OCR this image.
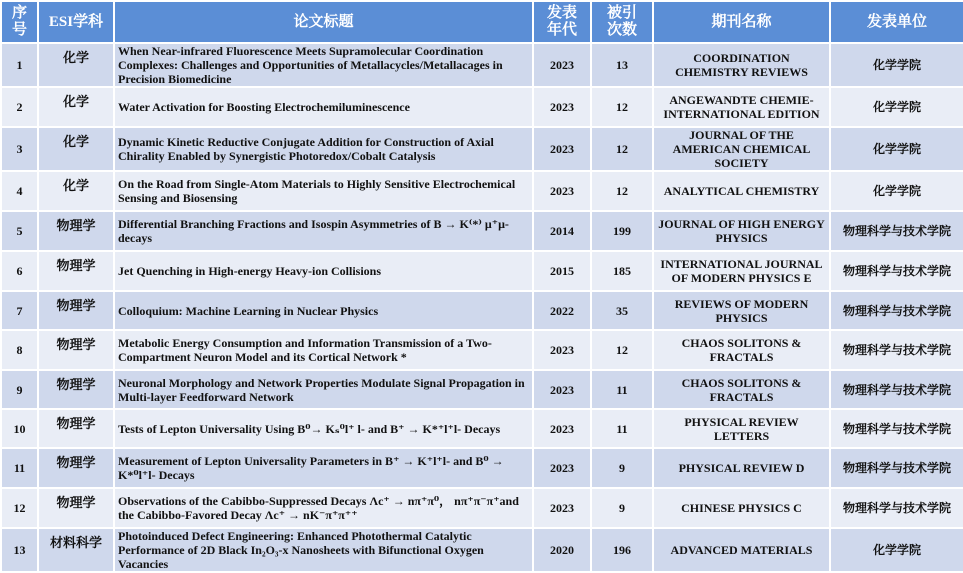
序号	ESI学科	论文标题	发表年代	被引次数	期刊名称	发表单位
1	化学	When Near-infrared Fluorescence Meets Supramolecular Coordination Complexes: Challenges and Opportunities of Metallacycles/Metallacages in Precision Biomedicine	2023	13	COORDINATION CHEMISTRY REVIEWS	化学学院
2	化学	Water Activation for Boosting Electrochemiluminescence	2023	12	ANGEWANDTE CHEMIE-INTERNATIONAL EDITION	化学学院
3	化学	Dynamic Kinetic Reductive Conjugate Addition for Construction of Axial Chirality Enabled by Synergistic Photoredox/Cobalt Catalysis	2023	12	JOURNAL OF THE AMERICAN CHEMICAL SOCIETY	化学学院
4	化学	On the Road from Single-Atom Materials to Highly Sensitive Electrochemical Sensing and Biosensing	2023	12	ANALYTICAL CHEMISTRY	化学学院
5	物理学	Differential Branching Fractions and Isospin Asymmetries of B → K⁽*⁾ μ⁺μ- decays	2014	199	JOURNAL OF HIGH ENERGY PHYSICS	物理科学与技术学院
6	物理学	Jet Quenching in High-energy Heavy-ion Collisions	2015	185	INTERNATIONAL JOURNAL OF MODERN PHYSICS E	物理科学与技术学院
7	物理学	Colloquium: Machine Learning in Nuclear Physics	2022	35	REVIEWS OF MODERN PHYSICS	物理科学与技术学院
8	物理学	Metabolic Energy Consumption and Information Transmission of a Two-Compartment Neuron Model and its Cortical Network *	2023	12	CHAOS SOLITONS & FRACTALS	物理科学与技术学院
9	物理学	Neuronal Morphology and Network Properties Modulate Signal Propagation in Multi-layer Feedforward Network	2023	11	CHAOS SOLITONS & FRACTALS	物理科学与技术学院
10	物理学	Tests of Lepton Universality Using B⁰→ Kₛ⁰l⁺ l- and B⁺ → K*⁺l⁺l- Decays	2023	11	PHYSICAL REVIEW LETTERS	物理科学与技术学院
11	物理学	Measurement of Lepton Universality Parameters in B⁺ → K⁺l⁺l- and B⁰ → K*⁰l⁺l- Decays	2023	9	PHYSICAL REVIEW D	物理科学与技术学院
12	物理学	Observations of the Cabibbo-Suppressed Decays Λc⁺ → nπ⁺π⁰， nπ⁺π⁻π⁺and the Cabibbo-Favored Decay Λc⁺ → nK⁻π⁺π⁺⁺	2023	9	CHINESE PHYSICS C	物理科学与技术学院
13	材料科学	Photoinduced Defect Engineering: Enhanced Photothermal Catalytic Performance of 2D Black In₂O₃-x Nanosheets with Bifunctional Oxygen Vacancies	2020	196	ADVANCED MATERIALS	化学学院
